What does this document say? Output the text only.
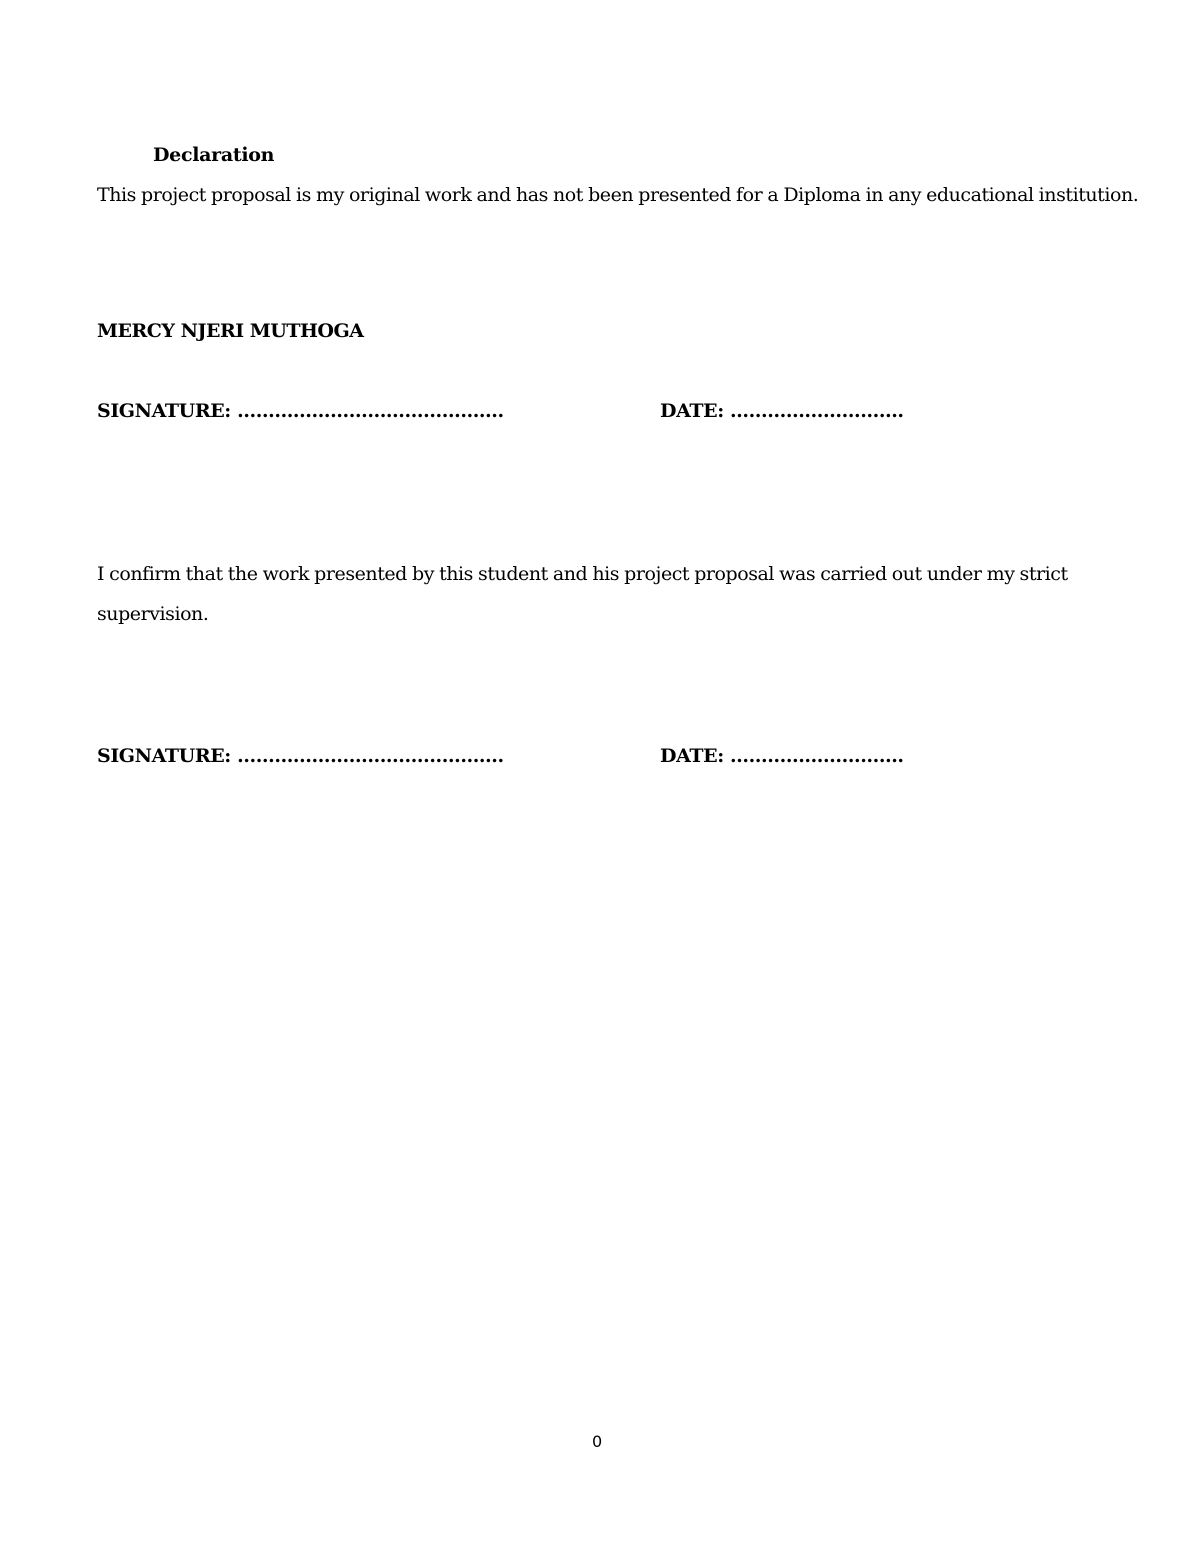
Declaration
This project proposal is my original work and has not been presented for a Diploma in any educational institution.
MERCY NJERI MUTHOGA
SIGNATURE: …………………………………….	DATE: ……………………….
I confirm that the work presented by this student and his project proposal was carried out under my strict
supervision.
SIGNATURE: …………………………………….	DATE: ……………………….
0
